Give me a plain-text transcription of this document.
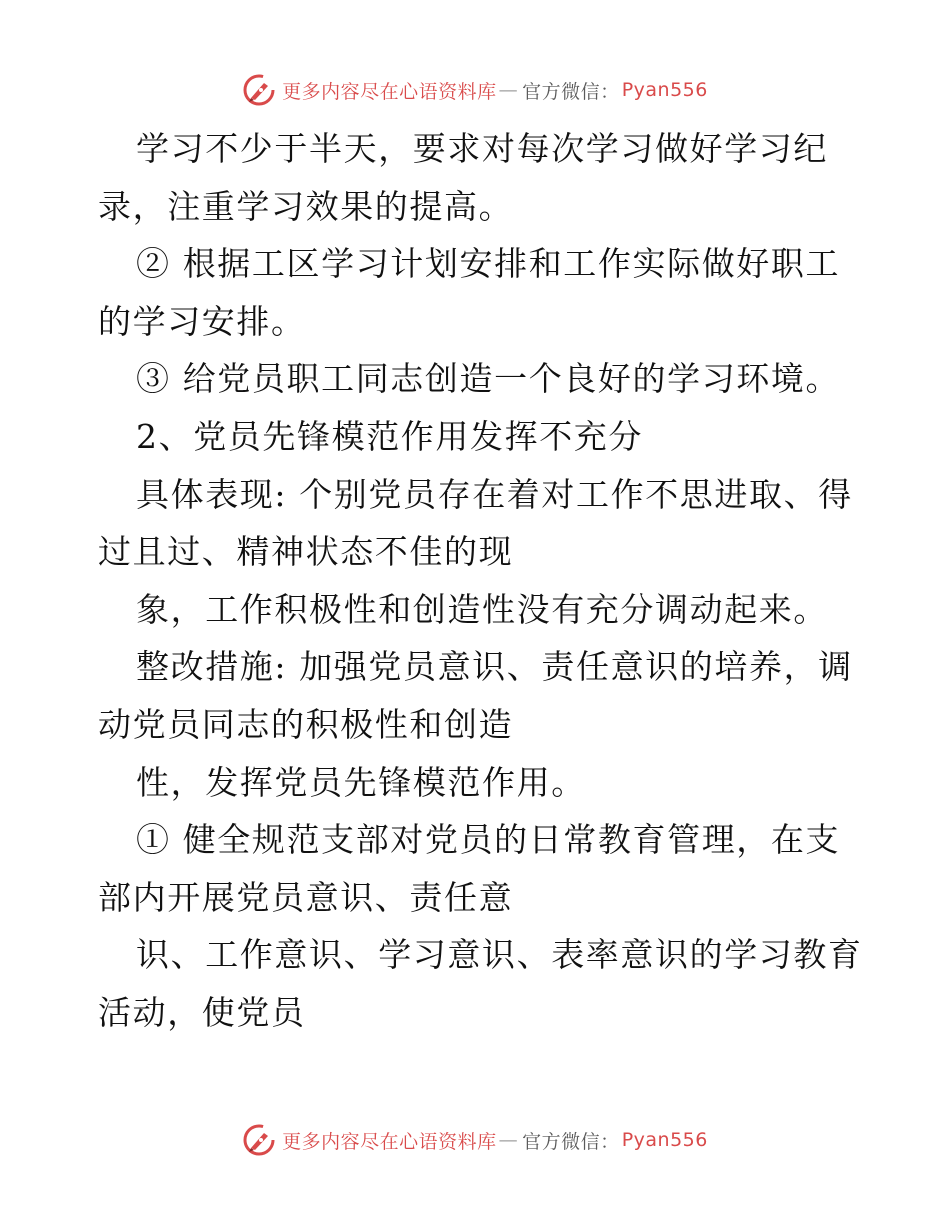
更多内容尽在心语资料库 — 官方微信： Pyan556
学习不少于半天，要求对每次学习做好学习纪
录，注重学习效果的提高。
② 根据工区学习计划安排和工作实际做好职工
的学习安排。
③ 给党员职工同志创造一个良好的学习环境。
2、党员先锋模范作用发挥不充分
具体表现: 个别党员存在着对工作不思进取、得
过且过、精神状态不佳的现
象，工作积极性和创造性没有充分调动起来。
整改措施: 加强党员意识、责任意识的培养，调
动党员同志的积极性和创造
性，发挥党员先锋模范作用。
① 健全规范支部对党员的日常教育管理，在支
部内开展党员意识、责任意
识、工作意识、学习意识、表率意识的学习教育
活动，使党员
更多内容尽在心语资料库 — 官方微信： Pyan556
